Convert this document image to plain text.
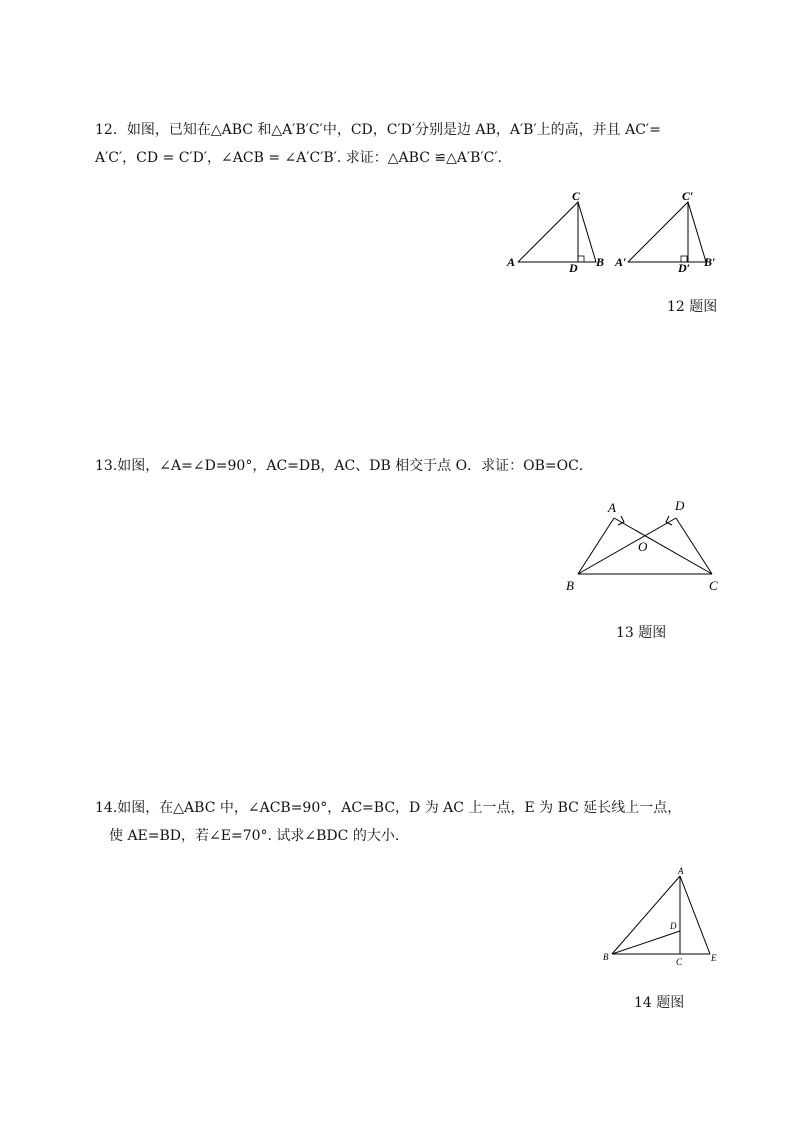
12．如图，已知在△ABC 和△A′B′C′中，CD，C′D′分别是边 AB，A′B′上的高，并且 AC′=
A′C′，CD = C′D′，∠ACB = ∠A′C′B′. 求证：△ABC ≌△A′B′C′.

C
A	D B
C′
A′	D′ B′

12 题图

13.如图，∠A=∠D=90°，AC=DB，AC、DB 相交于点 O．求证：OB=OC．

A	D
O
B	C

13 题图

14.如图，在△ABC 中，∠ACB=90°，AC=BC，D 为 AC 上一点，E 为 BC 延长线上一点，
使 AE=BD，若∠E=70°. 试求∠BDC 的大小.

A
D
B	C	E

14 题图
